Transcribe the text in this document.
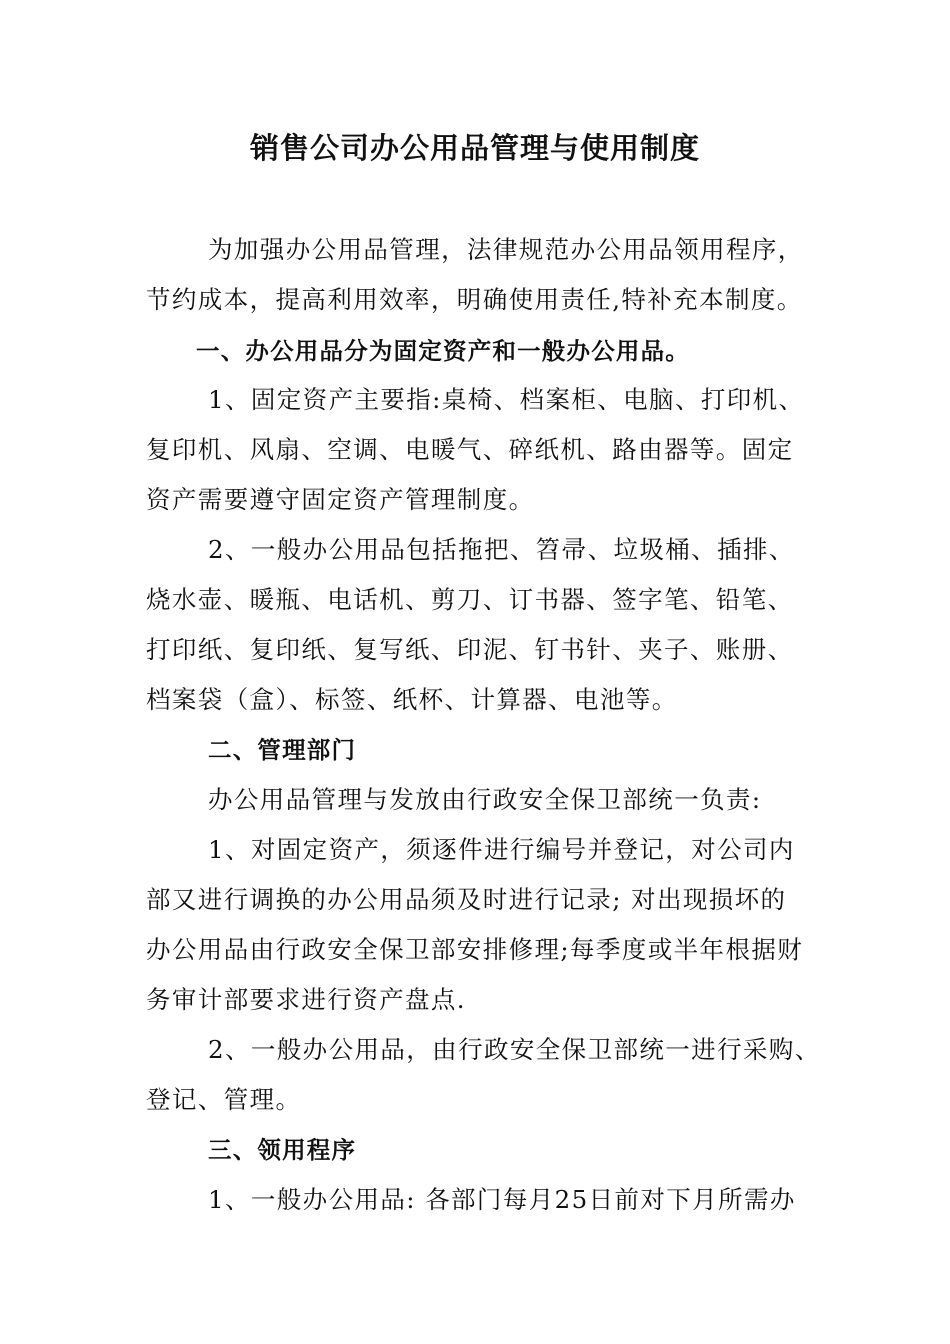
销售公司办公用品管理与使用制度
为加强办公用品管理，法律规范办公用品领用程序，
节约成本，提高利用效率，明确使用责任,特补充本制度。
一、办公用品分为固定资产和一般办公用品。
1、固定资产主要指:桌椅、档案柜、电脑、打印机、
复印机、风扇、空调、电暖气、碎纸机、路由器等。固定
资产需要遵守固定资产管理制度。
2、一般办公用品包括拖把、笤帚、垃圾桶、插排、
烧水壶、暖瓶、电话机、剪刀、订书器、签字笔、铅笔、
打印纸、复印纸、复写纸、印泥、钉书针、夹子、账册、
档案袋（盒）、标签、纸杯、计算器、电池等。
二、管理部门
办公用品管理与发放由行政安全保卫部统一负责:
1、对固定资产，须逐件进行编号并登记，对公司内
部又进行调换的办公用品须及时进行记录; 对出现损坏的
办公用品由行政安全保卫部安排修理;每季度或半年根据财
务审计部要求进行资产盘点.
2、一般办公用品，由行政安全保卫部统一进行采购、
登记、管理。
三、领用程序
1、一般办公用品: 各部门每月25日前对下月所需办
